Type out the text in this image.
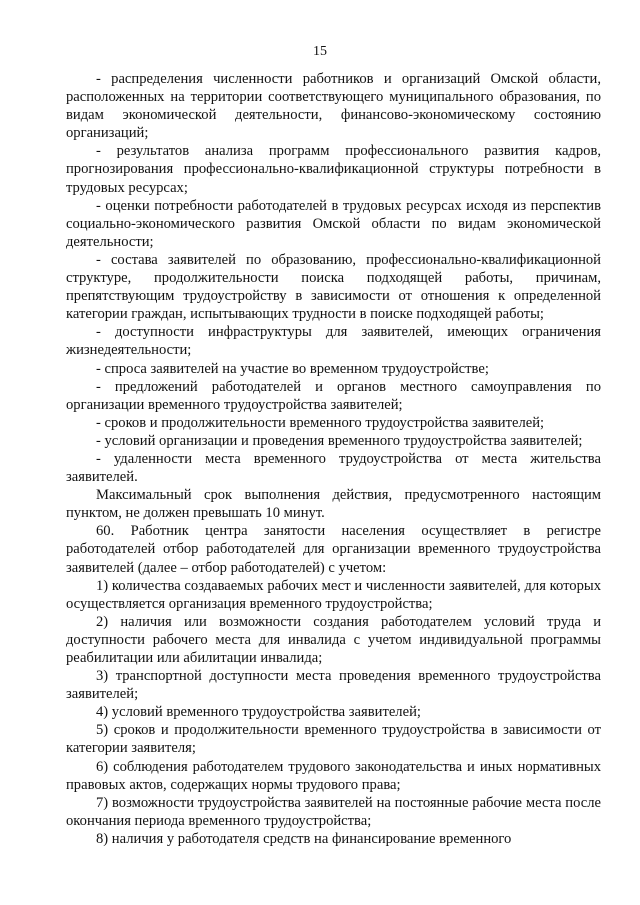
15

- распределения численности работников и организаций Омской области, расположенных на территории соответствующего муниципального образования, по видам экономической деятельности, финансово-экономическому состоянию организаций;

- результатов анализа программ профессионального развития кадров, прогнозирования профессионально-квалификационной структуры потребности в трудовых ресурсах;

- оценки потребности работодателей в трудовых ресурсах исходя из перспектив социально-экономического развития Омской области по видам экономической деятельности;

- состава заявителей по образованию, профессионально-квалификационной структуре, продолжительности поиска подходящей работы, причинам, препятствующим трудоустройству в зависимости от отношения к определенной категории граждан, испытывающих трудности в поиске подходящей работы;

- доступности инфраструктуры для заявителей, имеющих ограничения жизнедеятельности;

- спроса заявителей на участие во временном трудоустройстве;

- предложений работодателей и органов местного самоуправления по организации временного трудоустройства заявителей;

- сроков и продолжительности временного трудоустройства заявителей;

- условий организации и проведения временного трудоустройства заявителей;

- удаленности места временного трудоустройства от места жительства заявителей.

Максимальный срок выполнения действия, предусмотренного настоящим пунктом, не должен превышать 10 минут.

60. Работник центра занятости населения осуществляет в регистре работодателей отбор работодателей для организации временного трудоустройства заявителей (далее – отбор работодателей) с учетом:

1) количества создаваемых рабочих мест и численности заявителей, для которых осуществляется организация временного трудоустройства;

2) наличия или возможности создания работодателем условий труда и доступности рабочего места для инвалида с учетом индивидуальной программы реабилитации или абилитации инвалида;

3) транспортной доступности места проведения временного трудоустройства заявителей;

4) условий временного трудоустройства заявителей;

5) сроков и продолжительности временного трудоустройства в зависимости от категории заявителя;

6) соблюдения работодателем трудового законодательства и иных нормативных правовых актов, содержащих нормы трудового права;

7) возможности трудоустройства заявителей на постоянные рабочие места после окончания периода временного трудоустройства;

8) наличия у работодателя средств на финансирование временного
